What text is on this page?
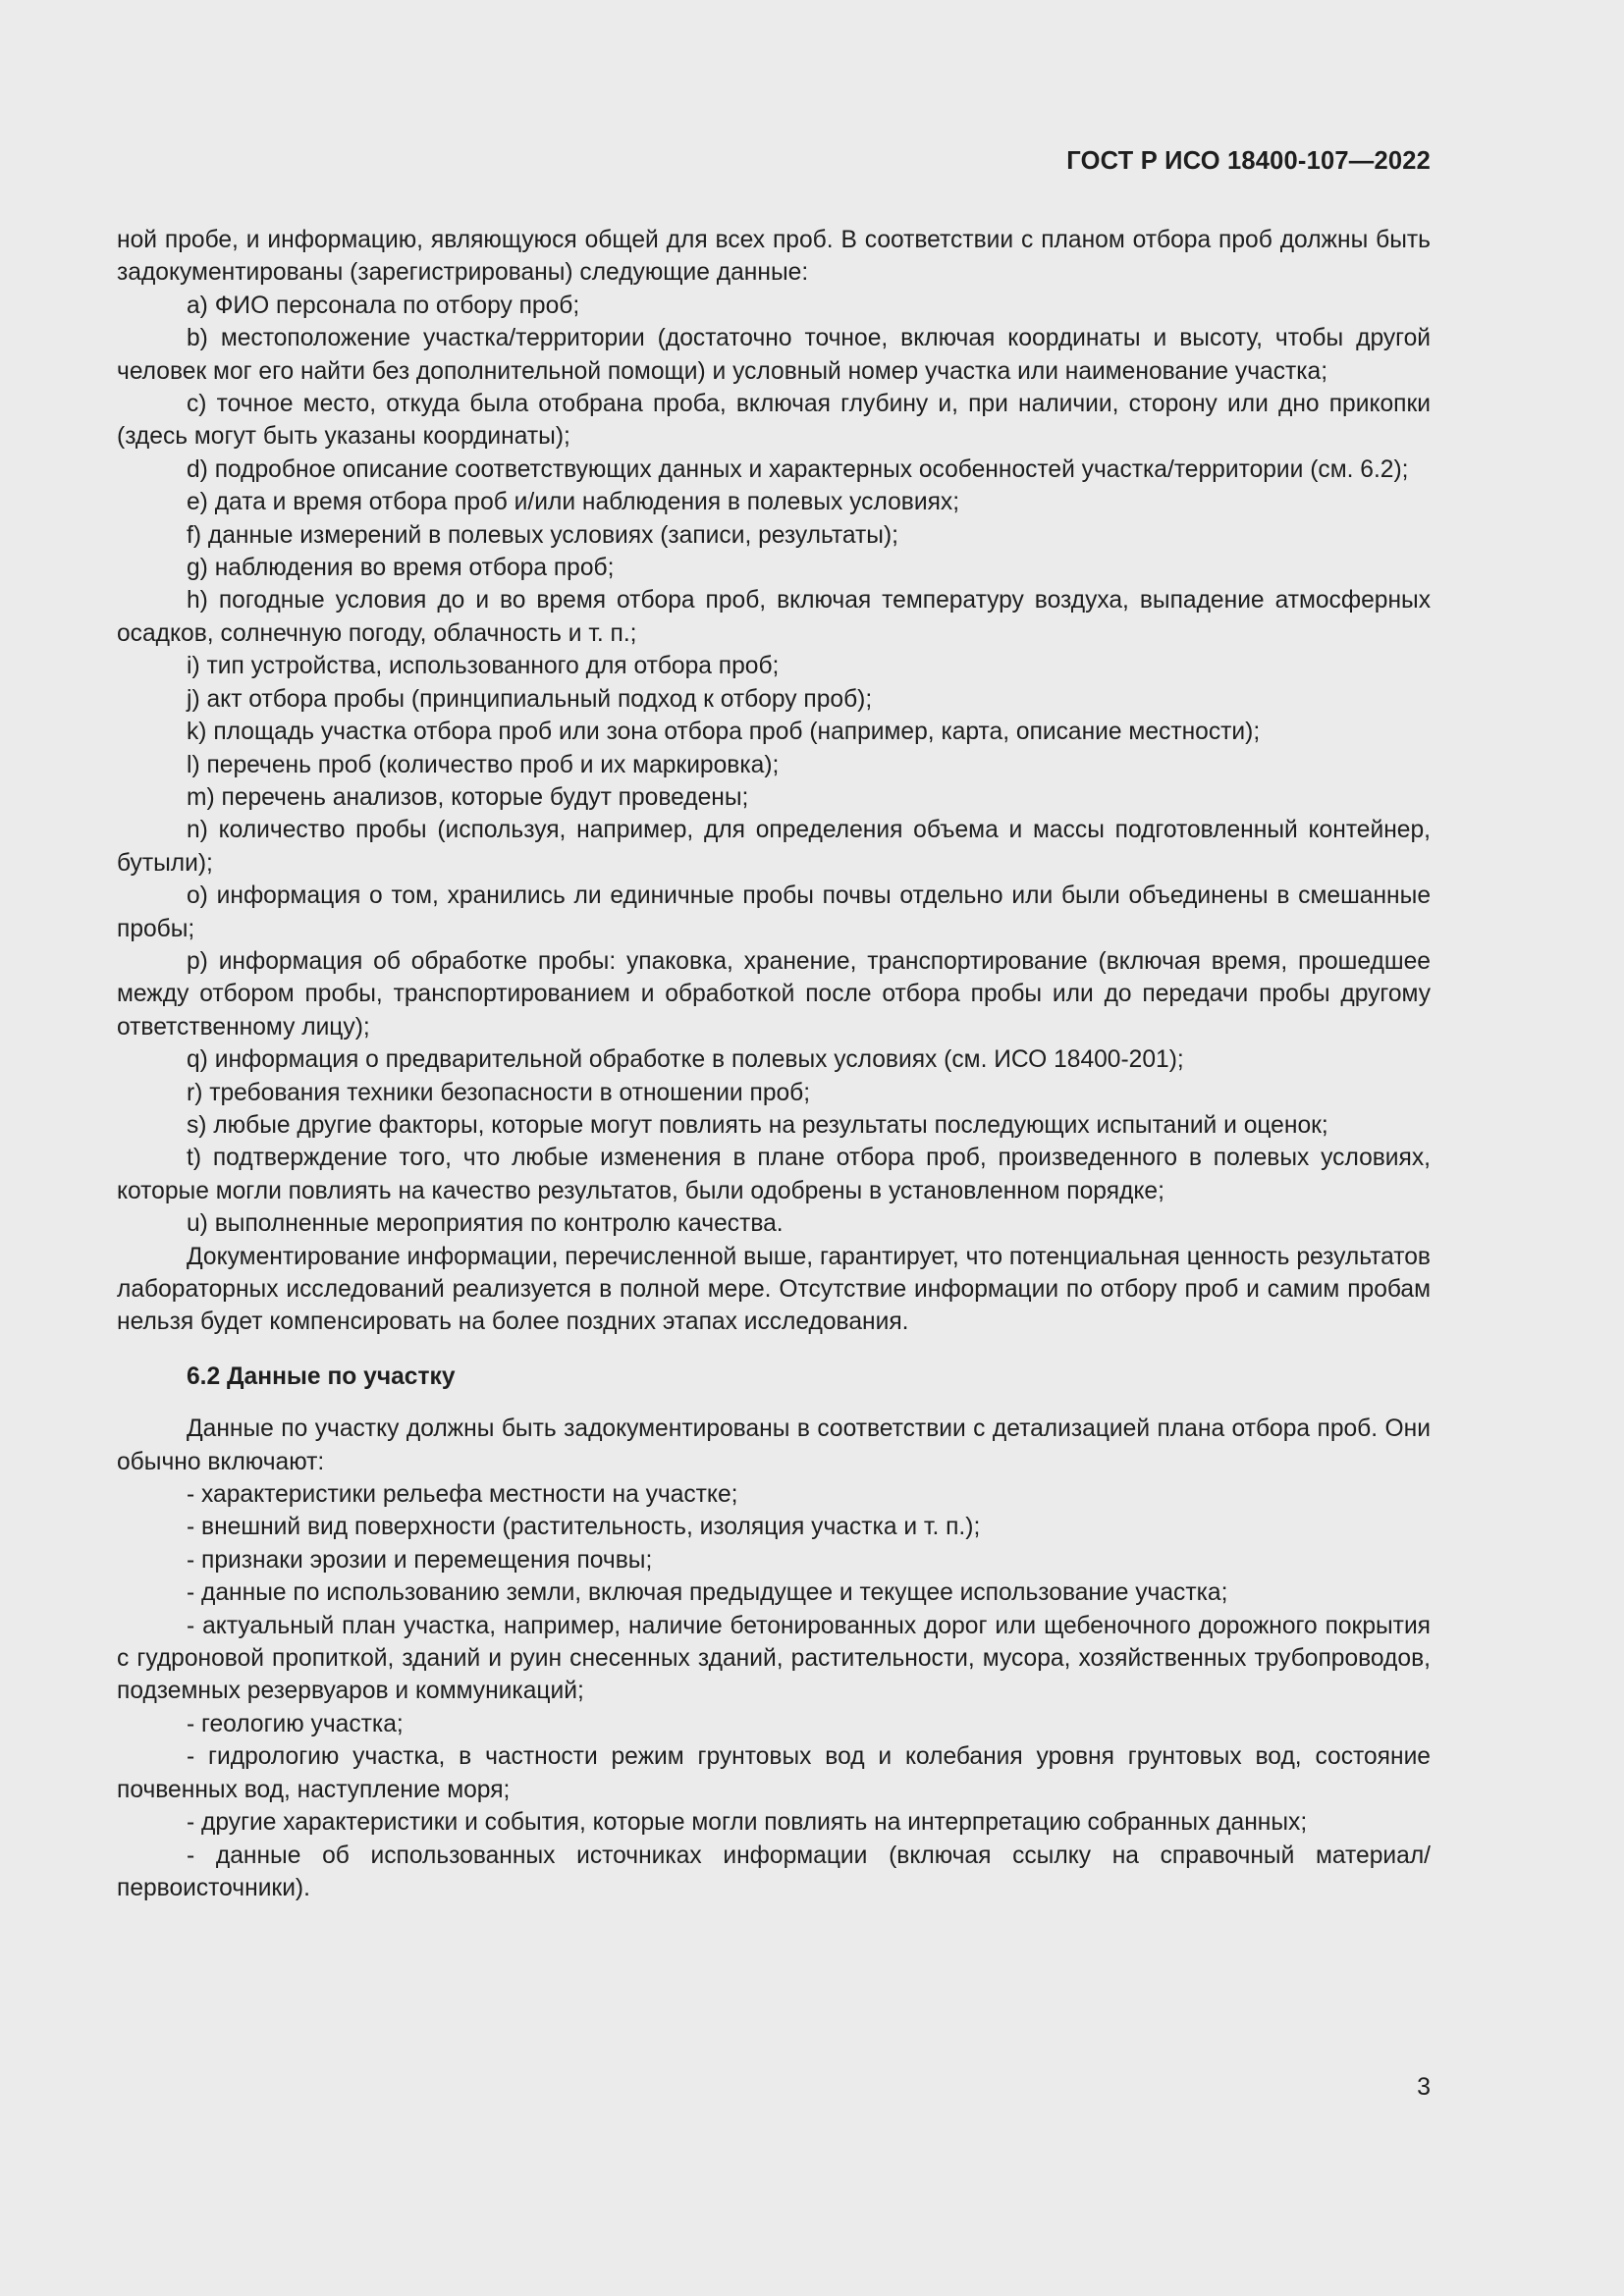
ГОСТ Р ИСО 18400-107—2022

ной пробе, и информацию, являющуюся общей для всех проб. В соответствии с планом отбора проб должны быть задокументированы (зарегистрированы) следующие данные:

a) ФИО персонала по отбору проб;

b) местоположение участка/территории (достаточно точное, включая координаты и высоту, чтобы другой человек мог его найти без дополнительной помощи) и условный номер участка или наименование участка;

c) точное место, откуда была отобрана проба, включая глубину и, при наличии, сторону или дно прикопки (здесь могут быть указаны координаты);

d) подробное описание соответствующих данных и характерных особенностей участка/территории (см. 6.2);

e) дата и время отбора проб и/или наблюдения в полевых условиях;

f) данные измерений в полевых условиях (записи, результаты);

g) наблюдения во время отбора проб;

h) погодные условия до и во время отбора проб, включая температуру воздуха, выпадение атмосферных осадков, солнечную погоду, облачность и т. п.;

i) тип устройства, использованного для отбора проб;

j) акт отбора пробы (принципиальный подход к отбору проб);

k) площадь участка отбора проб или зона отбора проб (например, карта, описание местности);

l) перечень проб (количество проб и их маркировка);

m) перечень анализов, которые будут проведены;

n) количество пробы (используя, например, для определения объема и массы подготовленный контейнер, бутыли);

o) информация о том, хранились ли единичные пробы почвы отдельно или были объединены в смешанные пробы;

p) информация об обработке пробы: упаковка, хранение, транспортирование (включая время, прошедшее между отбором пробы, транспортированием и обработкой после отбора пробы или до передачи пробы другому ответственному лицу);

q) информация о предварительной обработке в полевых условиях (см. ИСО 18400-201);

r) требования техники безопасности в отношении проб;

s) любые другие факторы, которые могут повлиять на результаты последующих испытаний и оценок;

t) подтверждение того, что любые изменения в плане отбора проб, произведенного в полевых условиях, которые могли повлиять на качество результатов, были одобрены в установленном порядке;

u) выполненные мероприятия по контролю качества.

Документирование информации, перечисленной выше, гарантирует, что потенциальная ценность результатов лабораторных исследований реализуется в полной мере. Отсутствие информации по отбору проб и самим пробам нельзя будет компенсировать на более поздних этапах исследования.

6.2 Данные по участку

Данные по участку должны быть задокументированы в соответствии с детализацией плана отбора проб. Они обычно включают:

- характеристики рельефа местности на участке;

- внешний вид поверхности (растительность, изоляция участка и т. п.);

- признаки эрозии и перемещения почвы;

- данные по использованию земли, включая предыдущее и текущее использование участка;

- актуальный план участка, например, наличие бетонированных дорог или щебеночного дорожного покрытия с гудроновой пропиткой, зданий и руин снесенных зданий, растительности, мусора, хозяйственных трубопроводов, подземных резервуаров и коммуникаций;

- геологию участка;

- гидрологию участка, в частности режим грунтовых вод и колебания уровня грунтовых вод, состояние почвенных вод, наступление моря;

- другие характеристики и события, которые могли повлиять на интерпретацию собранных данных;

- данные об использованных источниках информации (включая ссылку на справочный материал/первоисточники).

3
